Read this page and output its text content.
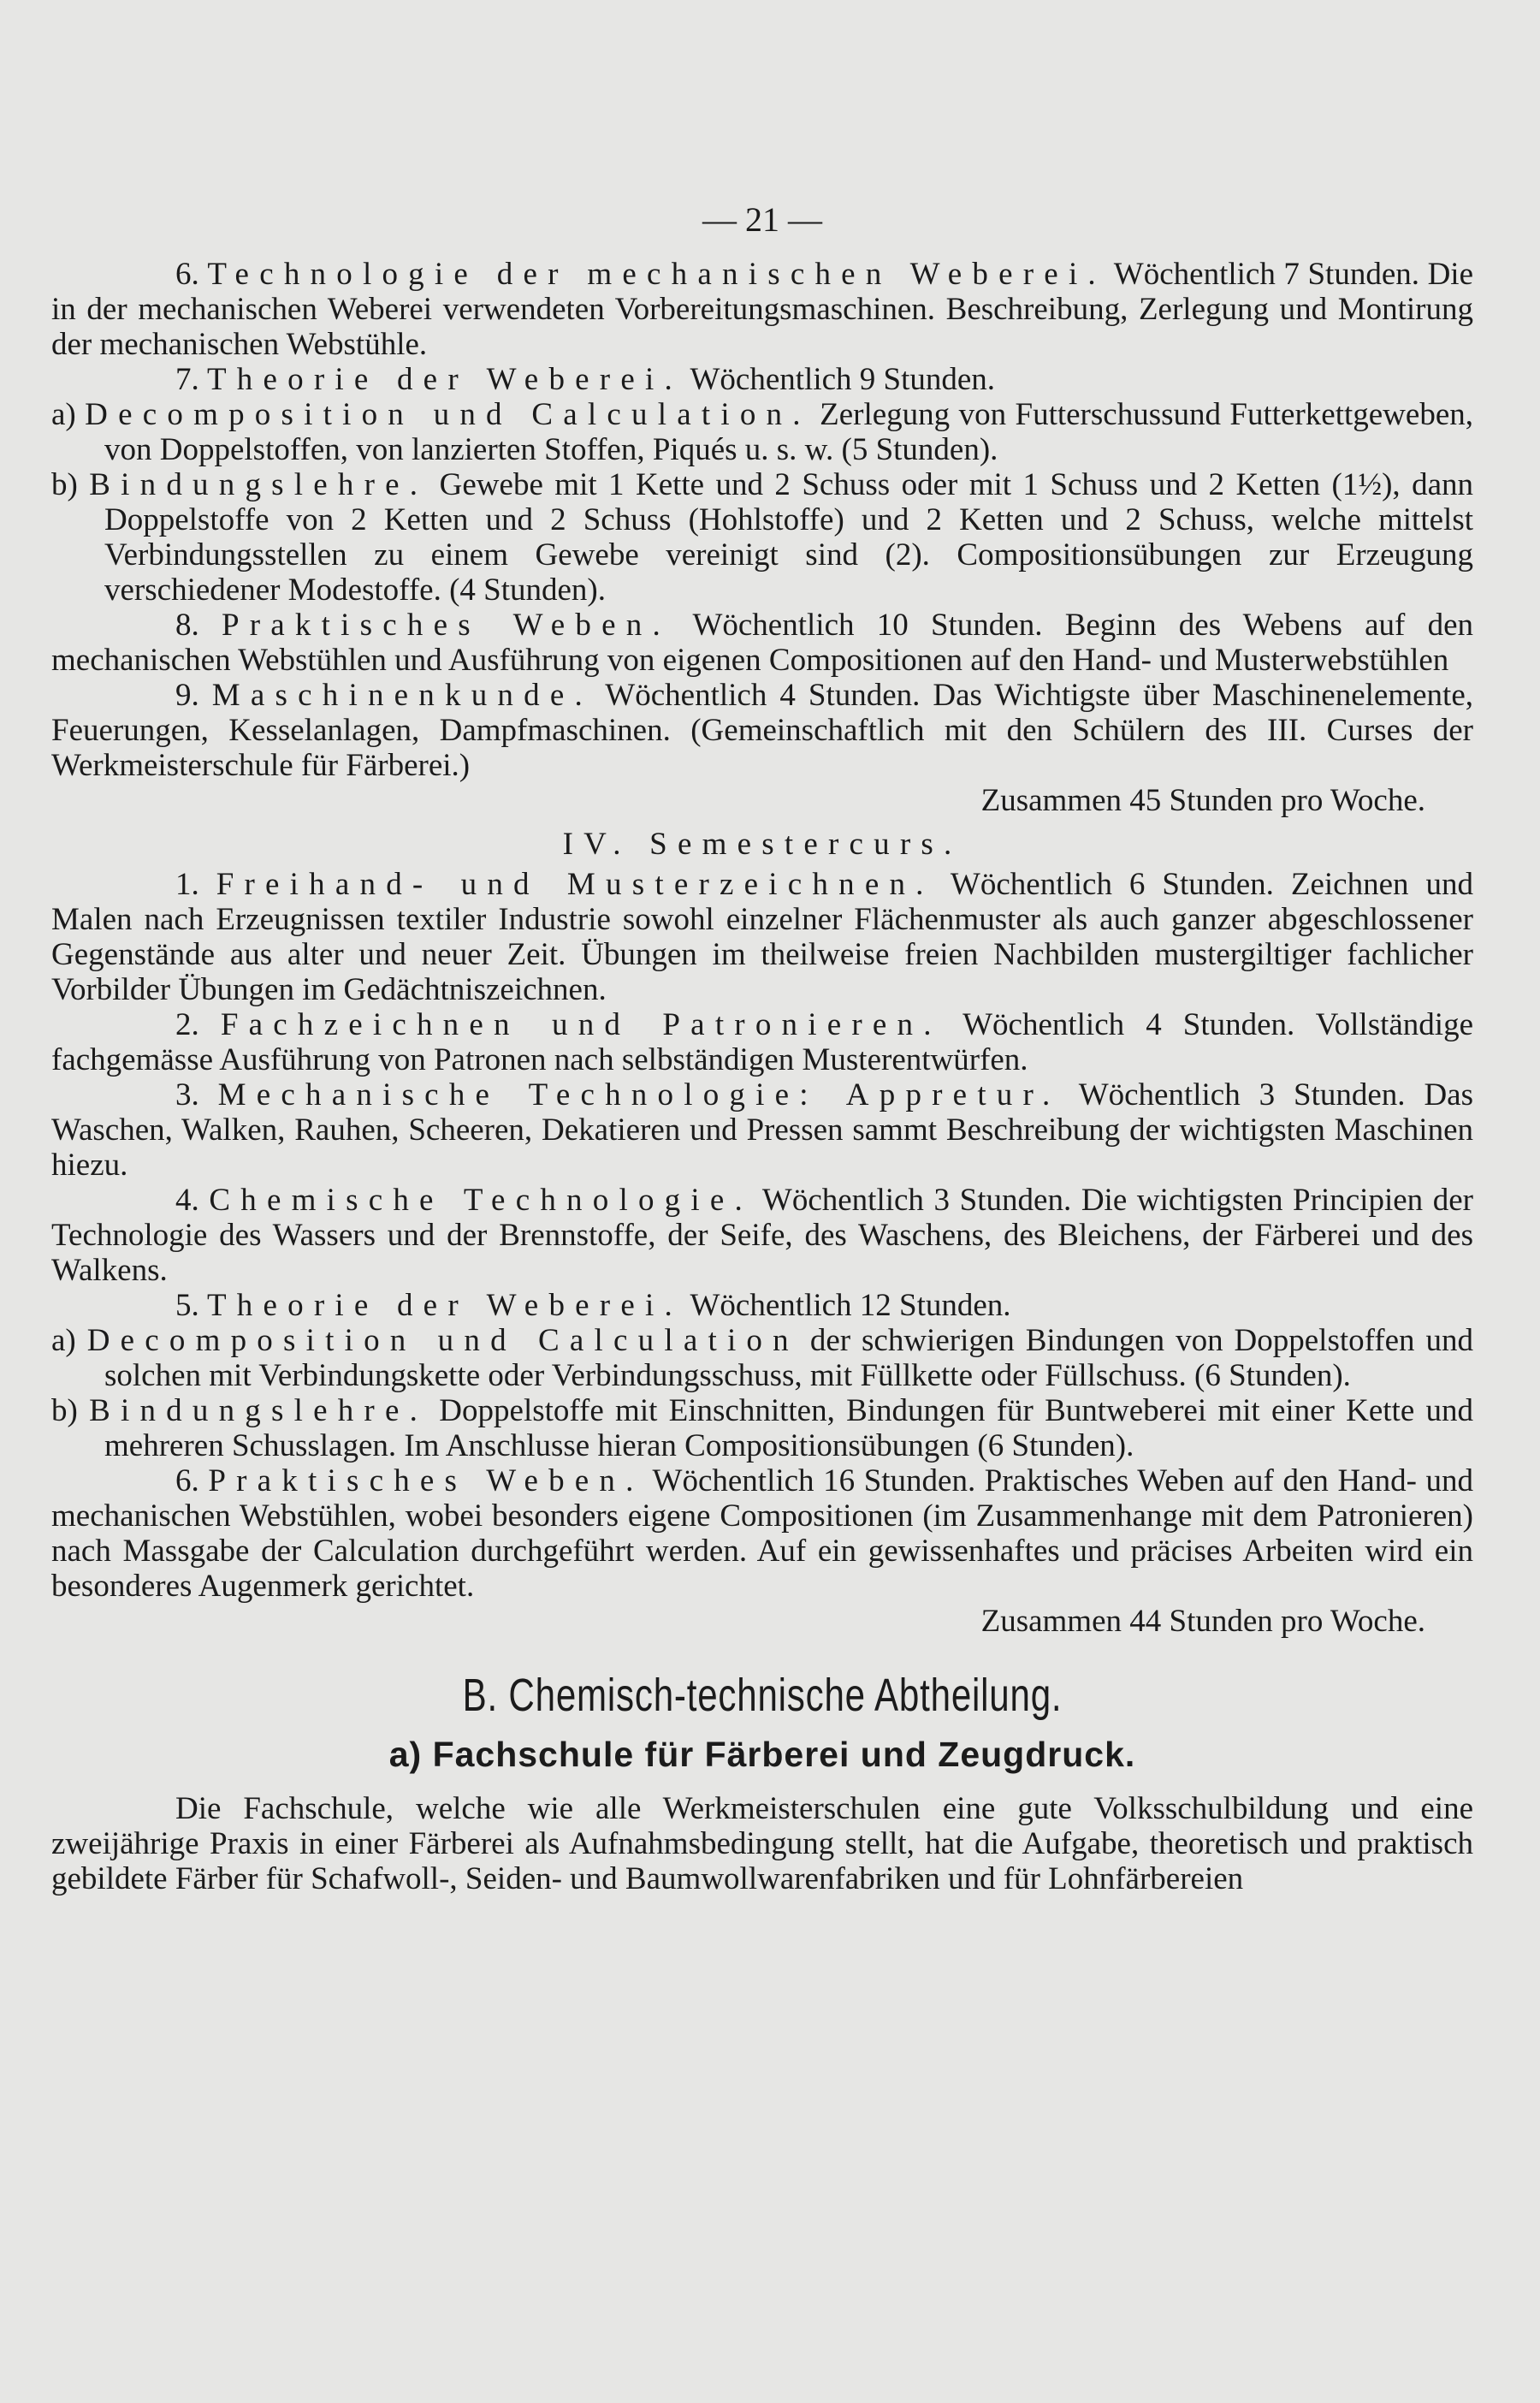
— 21 —

6. Technologie der mechanischen Weberei. Wöchentlich 7 Stunden. Die in der mechanischen Weberei verwendeten Vorbereitungsmaschinen. Beschreibung, Zerlegung und Montirung der mechanischen Webstühle.

7. Theorie der Weberei. Wöchentlich 9 Stunden.

a) Decomposition und Calculation. Zerlegung von Futterschussund Futterkettgeweben, von Doppelstoffen, von lanzierten Stoffen, Piqués u. s. w. (5 Stunden).

b) Bindungslehre. Gewebe mit 1 Kette und 2 Schuss oder mit 1 Schuss und 2 Ketten (1½), dann Doppelstoffe von 2 Ketten und 2 Schuss (Hohlstoffe) und 2 Ketten und 2 Schuss, welche mittelst Verbindungsstellen zu einem Gewebe vereinigt sind (2). Compositionsübungen zur Erzeugung verschiedener Modestoffe. (4 Stunden).

8. Praktisches Weben. Wöchentlich 10 Stunden. Beginn des Webens auf den mechanischen Webstühlen und Ausführung von eigenen Compositionen auf den Hand- und Musterwebstühlen

9. Maschinenkunde. Wöchentlich 4 Stunden. Das Wichtigste über Maschinenelemente, Feuerungen, Kesselanlagen, Dampfmaschinen. (Gemeinschaftlich mit den Schülern des III. Curses der Werkmeisterschule für Färberei.)

Zusammen 45 Stunden pro Woche.

IV. Semestercurs.

1. Freihand- und Musterzeichnen. Wöchentlich 6 Stunden. Zeichnen und Malen nach Erzeugnissen textiler Industrie sowohl einzelner Flächenmuster als auch ganzer abgeschlossener Gegenstände aus alter und neuer Zeit. Übungen im theilweise freien Nachbilden mustergiltiger fachlicher Vorbilder Übungen im Gedächtniszeichnen.

2. Fachzeichnen und Patronieren. Wöchentlich 4 Stunden. Vollständige fachgemässe Ausführung von Patronen nach selbständigen Musterentwürfen.

3. Mechanische Technologie: Appretur. Wöchentlich 3 Stunden. Das Waschen, Walken, Rauhen, Scheeren, Dekatieren und Pressen sammt Beschreibung der wichtigsten Maschinen hiezu.

4. Chemische Technologie. Wöchentlich 3 Stunden. Die wichtigsten Principien der Technologie des Wassers und der Brennstoffe, der Seife, des Waschens, des Bleichens, der Färberei und des Walkens.

5. Theorie der Weberei. Wöchentlich 12 Stunden.

a) Decomposition und Calculation der schwierigen Bindungen von Doppelstoffen und solchen mit Verbindungskette oder Verbindungsschuss, mit Füllkette oder Füllschuss. (6 Stunden).

b) Bindungslehre. Doppelstoffe mit Einschnitten, Bindungen für Buntweberei mit einer Kette und mehreren Schusslagen. Im Anschlusse hieran Compositionsübungen (6 Stunden).

6. Praktisches Weben. Wöchentlich 16 Stunden. Praktisches Weben auf den Hand- und mechanischen Webstühlen, wobei besonders eigene Compositionen (im Zusammenhange mit dem Patronieren) nach Massgabe der Calculation durchgeführt werden. Auf ein gewissenhaftes und präcises Arbeiten wird ein besonderes Augenmerk gerichtet.

Zusammen 44 Stunden pro Woche.

B. Chemisch-technische Abtheilung.
a) Fachschule für Färberei und Zeugdruck.

Die Fachschule, welche wie alle Werkmeisterschulen eine gute Volksschulbildung und eine zweijährige Praxis in einer Färberei als Aufnahmsbedingung stellt, hat die Aufgabe, theoretisch und praktisch gebildete Färber für Schafwoll-, Seiden- und Baumwollwarenfabriken und für Lohnfärbereien
